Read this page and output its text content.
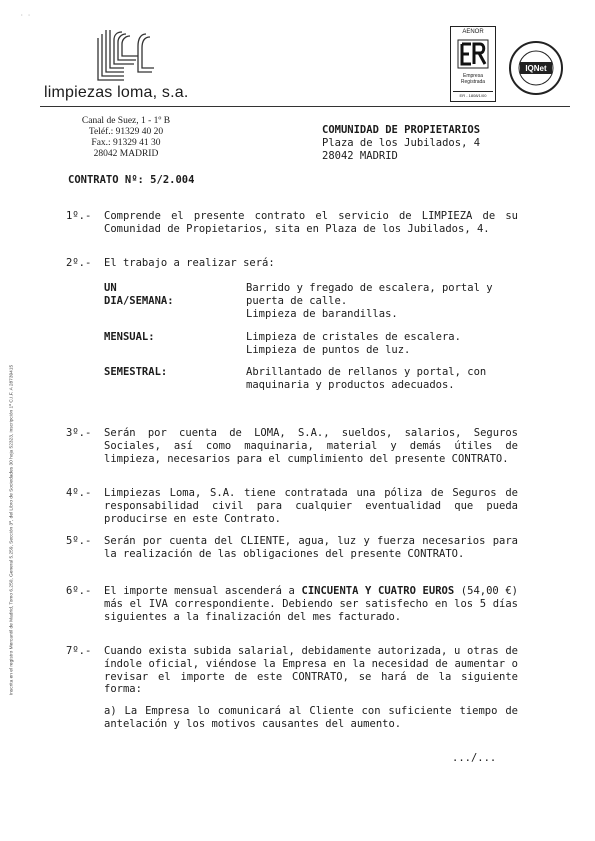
· ·
limpiezas loma, s.a.
AENOR
Empresa
Registrada
ER - 1808/1/00
IQNet
Canal de Suez, 1 - 1º B
Teléf.: 91329 40 20
Fax.: 91329 41 30
28042 MADRID
COMUNIDAD DE PROPIETARIOS
Plaza de los Jubilados, 4
28042 MADRID
CONTRATO Nº: 5/2.004
1º.- Comprende el presente contrato el servicio de LIMPIEZA de su Comunidad de Propietarios, sita en Plaza de los Jubilados, 4.
2º.- El trabajo a realizar será:
UN DIA/SEMANA:
Barrido y fregado de escalera, portal y puerta de calle.
Limpieza de barandillas.
MENSUAL:	Limpieza de cristales de escalera.
Limpieza de puntos de luz.
SEMESTRAL:	Abrillantado de rellanos y portal, con maquinaria y productos adecuados.
3º.- Serán por cuenta de LOMA, S.A., sueldos, salarios, Seguros Sociales, así como maquinaria, material y demás útiles de limpieza, necesarios para el cumplimiento del presente CONTRATO.
4º.- Limpiezas Loma, S.A. tiene contratada una póliza de Seguros de responsabilidad civil para cualquier eventualidad que pueda producirse en este Contrato.
5º.- Serán por cuenta del CLIENTE, agua, luz y fuerza necesarios para la realización de las obligaciones del presente CONTRATO.
6º.- El importe mensual ascenderá a CINCUENTA Y CUATRO EUROS (54,00 €) más el IVA correspondiente. Debiendo ser satisfecho en los 5 días siguientes a la finalización del mes facturado.
7º.- Cuando exista subida salarial, debidamente autorizada, u otras de índole oficial, viéndose la Empresa en la necesidad de aumentar o revisar el importe de este CONTRATO, se hará de la siguiente forma:
a) La Empresa lo comunicará al Cliente con suficiente tiempo de antelación y los motivos causantes del aumento.
.../...
Inscrita en el registro Mercantil de Madrid, Tomo 6.250, General 5.259, Sección 3ª, del Libro de Sociedades 30 hoja 52323, inscripción 1ª C.I.F. A 28739415
